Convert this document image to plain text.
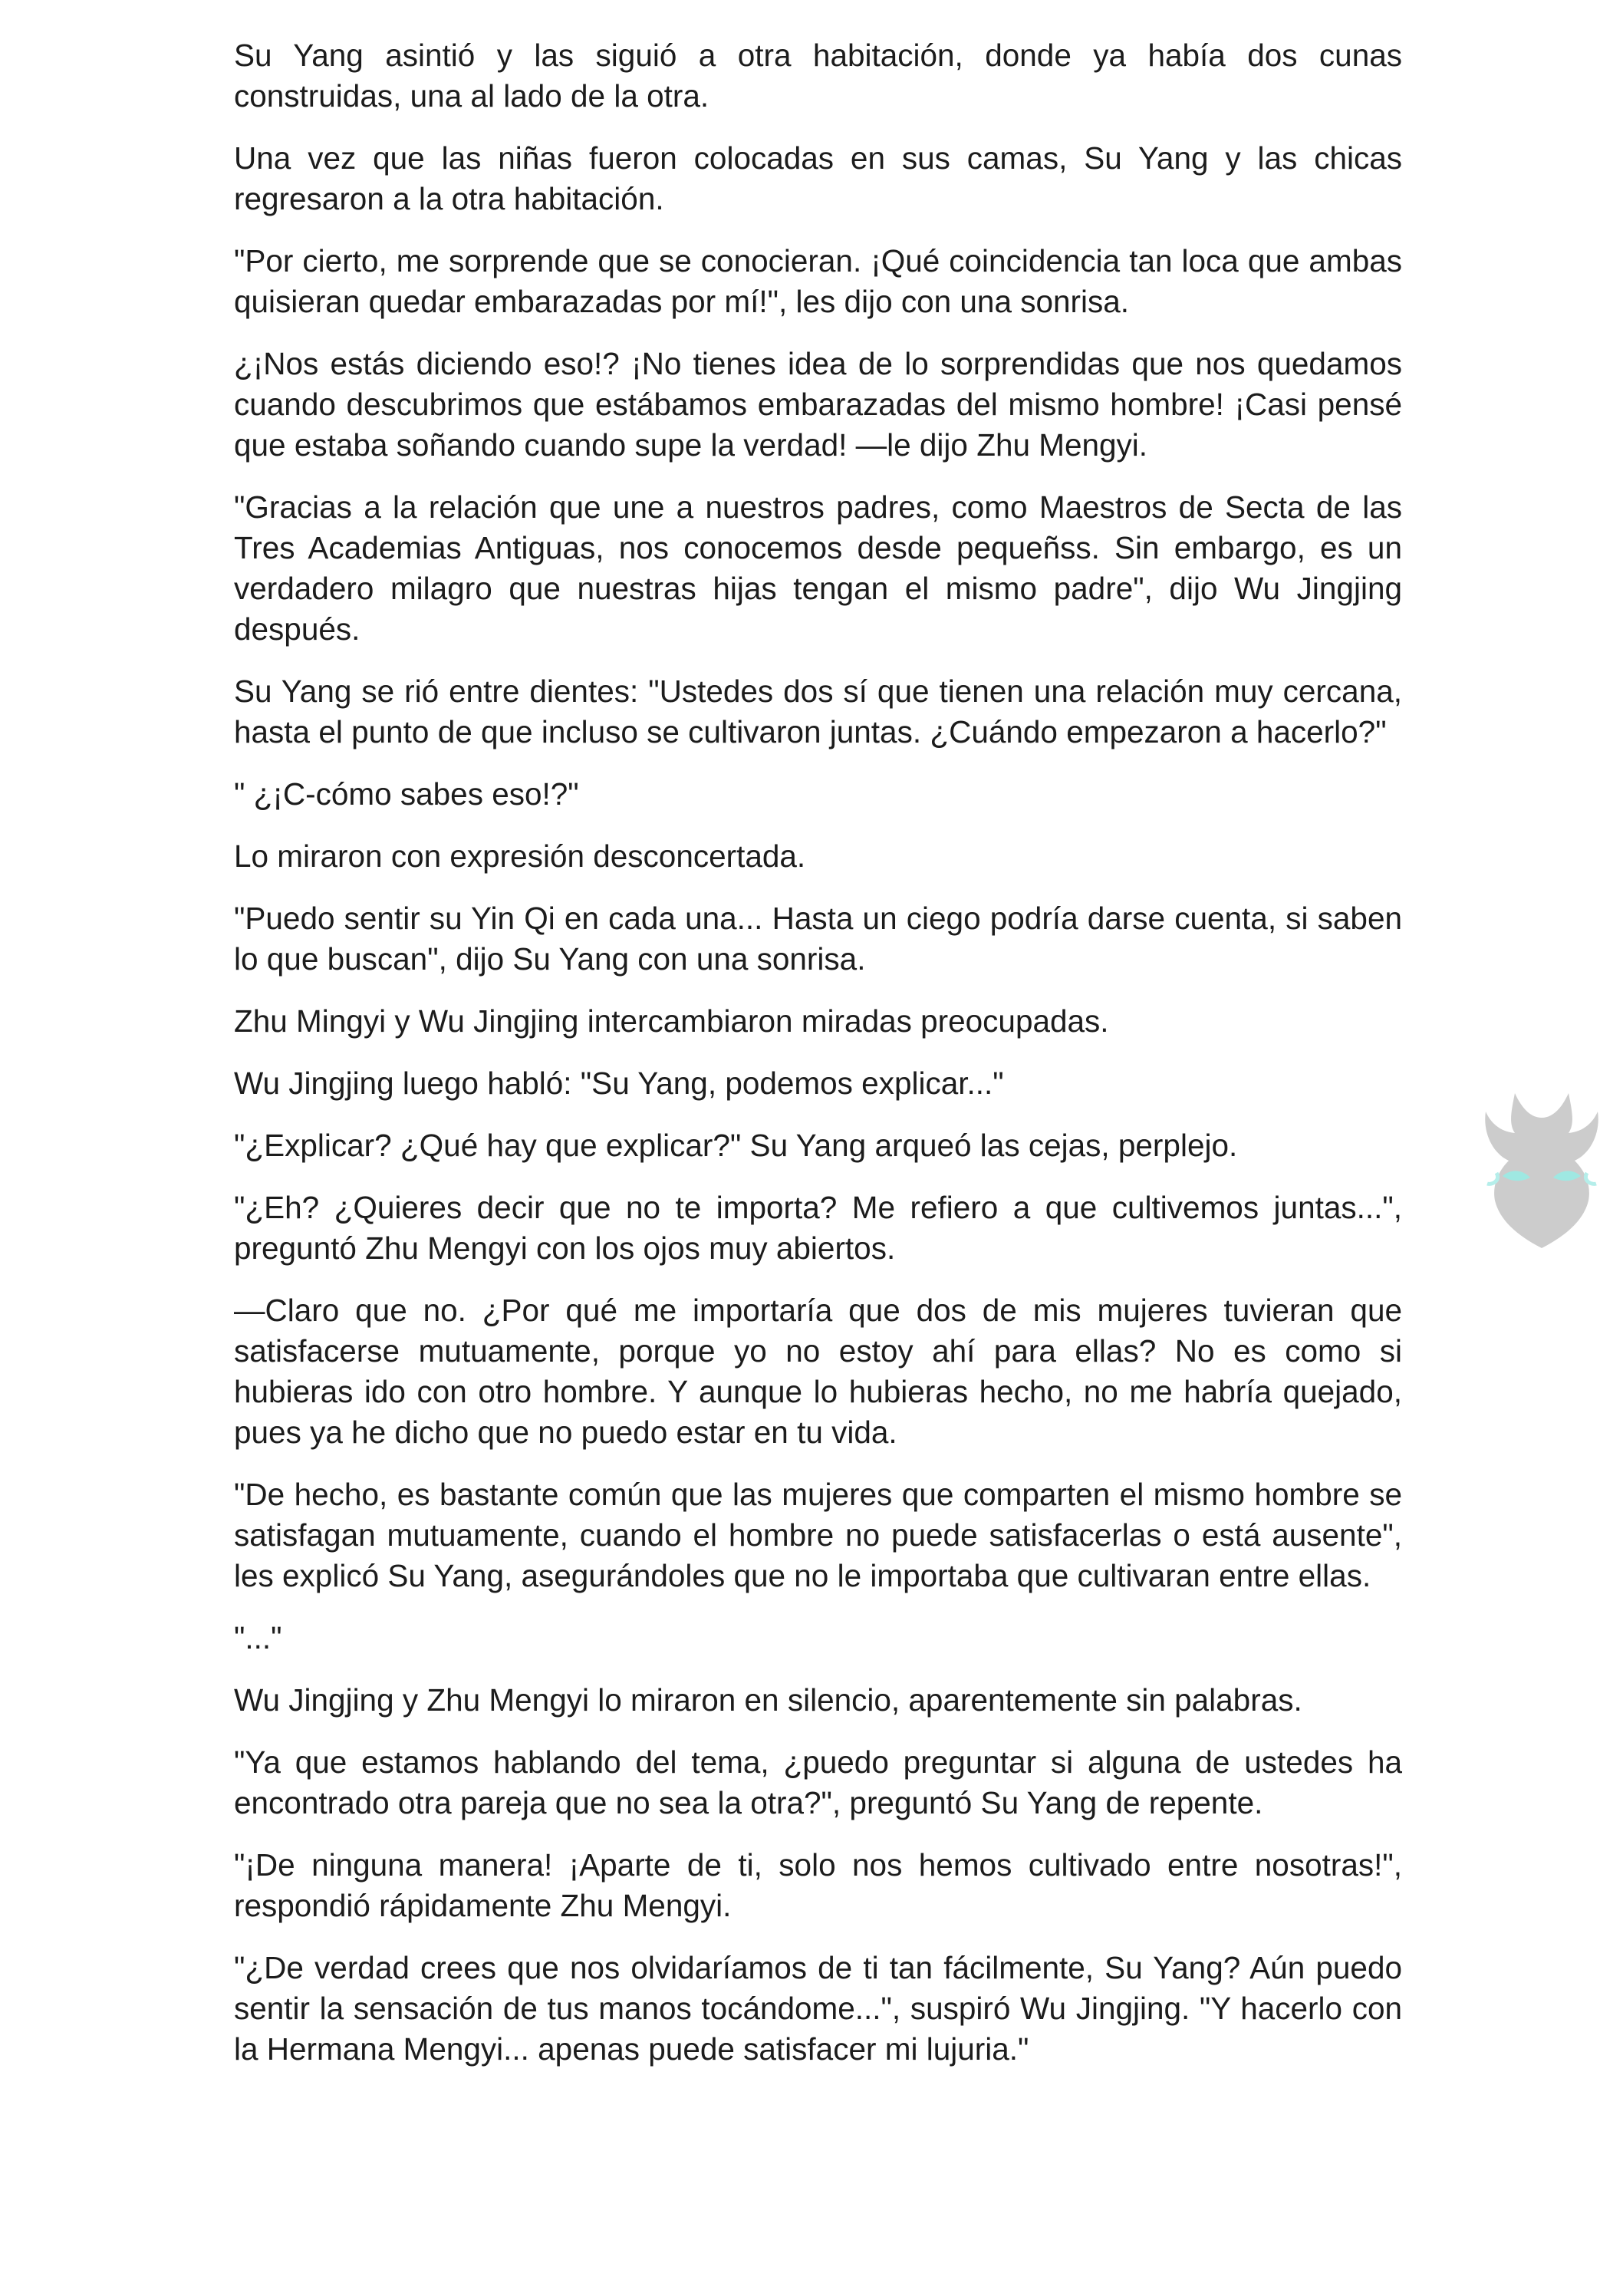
Su Yang asintió y las siguió a otra habitación, donde ya había dos cunas construidas, una al lado de la otra.

Una vez que las niñas fueron colocadas en sus camas, Su Yang y las chicas regresaron a la otra habitación.

"Por cierto, me sorprende que se conocieran. ¡Qué coincidencia tan loca que ambas quisieran quedar embarazadas por mí!", les dijo con una sonrisa.

¿¡Nos estás diciendo eso!? ¡No tienes idea de lo sorprendidas que nos quedamos cuando descubrimos que estábamos embarazadas del mismo hombre! ¡Casi pensé que estaba soñando cuando supe la verdad! —le dijo Zhu Mengyi.

"Gracias a la relación que une a nuestros padres, como Maestros de Secta de las Tres Academias Antiguas, nos conocemos desde pequeñss. Sin embargo, es un verdadero milagro que nuestras hijas tengan el mismo padre", dijo Wu Jingjing después.

Su Yang se rió entre dientes: "Ustedes dos sí que tienen una relación muy cercana, hasta el punto de que incluso se cultivaron juntas. ¿Cuándo empezaron a hacerlo?"

" ¿¡C-cómo sabes eso!?"

Lo miraron con expresión desconcertada.

"Puedo sentir su Yin Qi en cada una... Hasta un ciego podría darse cuenta, si saben lo que buscan", dijo Su Yang con una sonrisa.

Zhu Mingyi y Wu Jingjing intercambiaron miradas preocupadas.

Wu Jingjing luego habló: "Su Yang, podemos explicar..."

"¿Explicar? ¿Qué hay que explicar?" Su Yang arqueó las cejas, perplejo.

"¿Eh? ¿Quieres decir que no te importa? Me refiero a que cultivemos juntas...", preguntó Zhu Mengyi con los ojos muy abiertos.

—Claro que no. ¿Por qué me importaría que dos de mis mujeres tuvieran que satisfacerse mutuamente, porque yo no estoy ahí para ellas? No es como si hubieras ido con otro hombre. Y aunque lo hubieras hecho, no me habría quejado, pues ya he dicho que no puedo estar en tu vida.

"De hecho, es bastante común que las mujeres que comparten el mismo hombre se satisfagan mutuamente, cuando el hombre no puede satisfacerlas o está ausente", les explicó Su Yang, asegurándoles que no le importaba que cultivaran entre ellas.

"..."

Wu Jingjing y Zhu Mengyi lo miraron en silencio, aparentemente sin palabras.

"Ya que estamos hablando del tema, ¿puedo preguntar si alguna de ustedes ha encontrado otra pareja que no sea la otra?", preguntó Su Yang de repente.

"¡De ninguna manera! ¡Aparte de ti, solo nos hemos cultivado entre nosotras!", respondió rápidamente Zhu Mengyi.

"¿De verdad crees que nos olvidaríamos de ti tan fácilmente, Su Yang? Aún puedo sentir la sensación de tus manos tocándome...", suspiró Wu Jingjing. "Y hacerlo con la Hermana Mengyi... apenas puede satisfacer mi lujuria."
